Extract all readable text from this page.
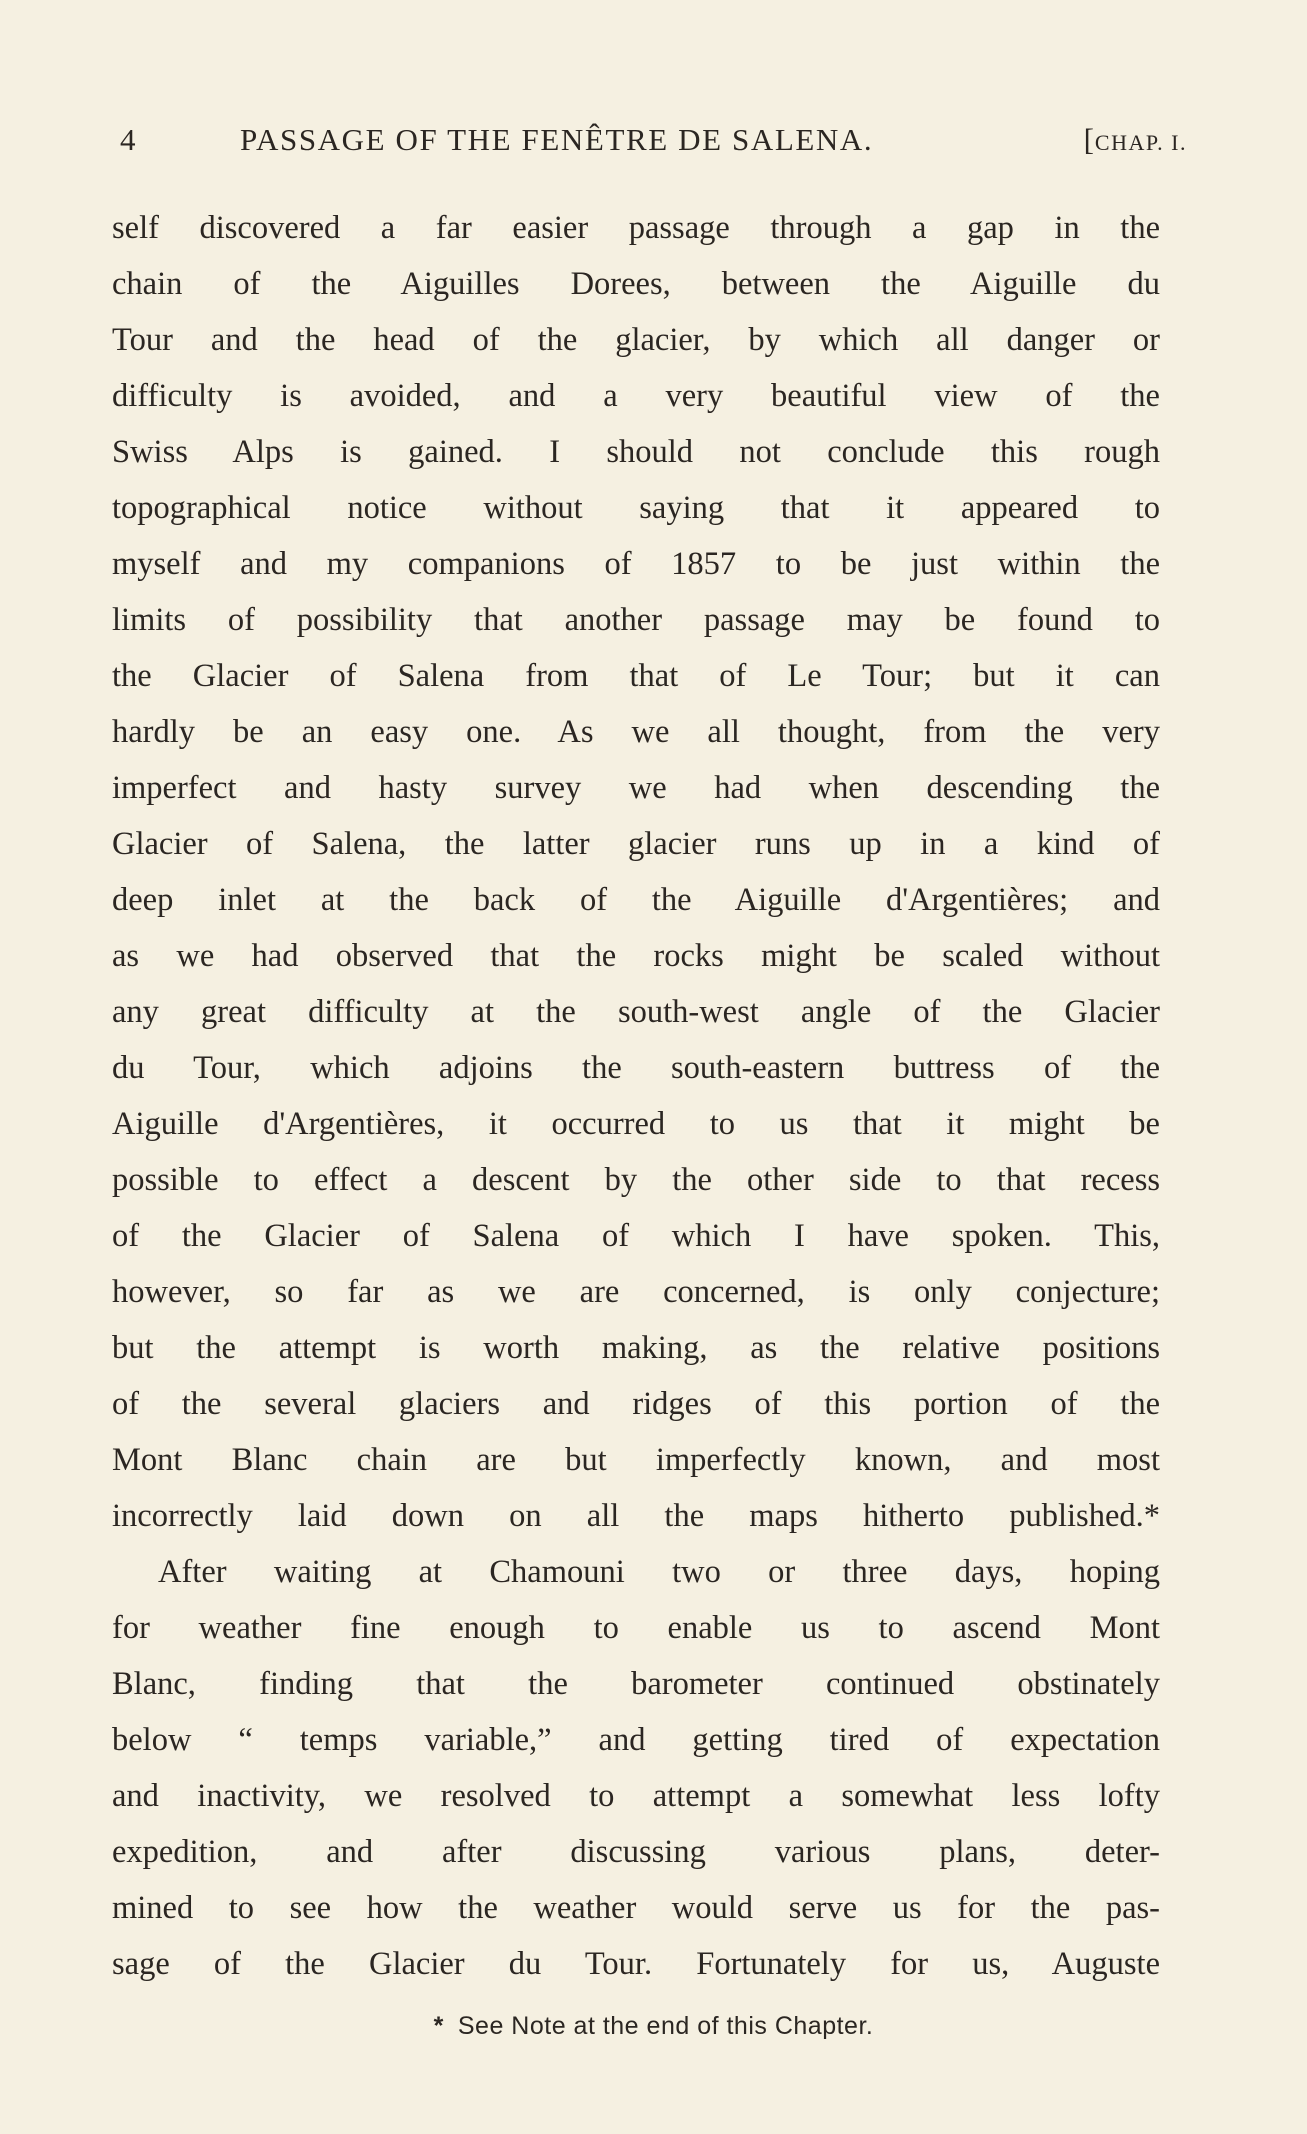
4	PASSAGE OF THE FENÊTRE DE SALENA.	[CHAP. I.
self discovered a far easier passage through a gap in the
chain of the Aiguilles Dorees, between the Aiguille du
Tour and the head of the glacier, by which all danger or
difficulty is avoided, and a very beautiful view of the
Swiss Alps is gained. I should not conclude this rough
topographical notice without saying that it appeared to
myself and my companions of 1857 to be just within the
limits of possibility that another passage may be found to
the Glacier of Salena from that of Le Tour; but it can
hardly be an easy one. As we all thought, from the very
imperfect and hasty survey we had when descending the
Glacier of Salena, the latter glacier runs up in a kind of
deep inlet at the back of the Aiguille d'Argentières; and
as we had observed that the rocks might be scaled without
any great difficulty at the south-west angle of the Glacier
du Tour, which adjoins the south-eastern buttress of the
Aiguille d'Argentières, it occurred to us that it might be
possible to effect a descent by the other side to that recess
of the Glacier of Salena of which I have spoken. This,
however, so far as we are concerned, is only conjecture;
but the attempt is worth making, as the relative positions
of the several glaciers and ridges of this portion of the
Mont Blanc chain are but imperfectly known, and most
incorrectly laid down on all the maps hitherto published.*
After waiting at Chamouni two or three days, hoping
for weather fine enough to enable us to ascend Mont
Blanc, finding that the barometer continued obstinately
below “ temps variable,” and getting tired of expectation
and inactivity, we resolved to attempt a somewhat less lofty
expedition, and after discussing various plans, deter-
mined to see how the weather would serve us for the pas-
sage of the Glacier du Tour. Fortunately for us, Auguste
* See Note at the end of this Chapter.
